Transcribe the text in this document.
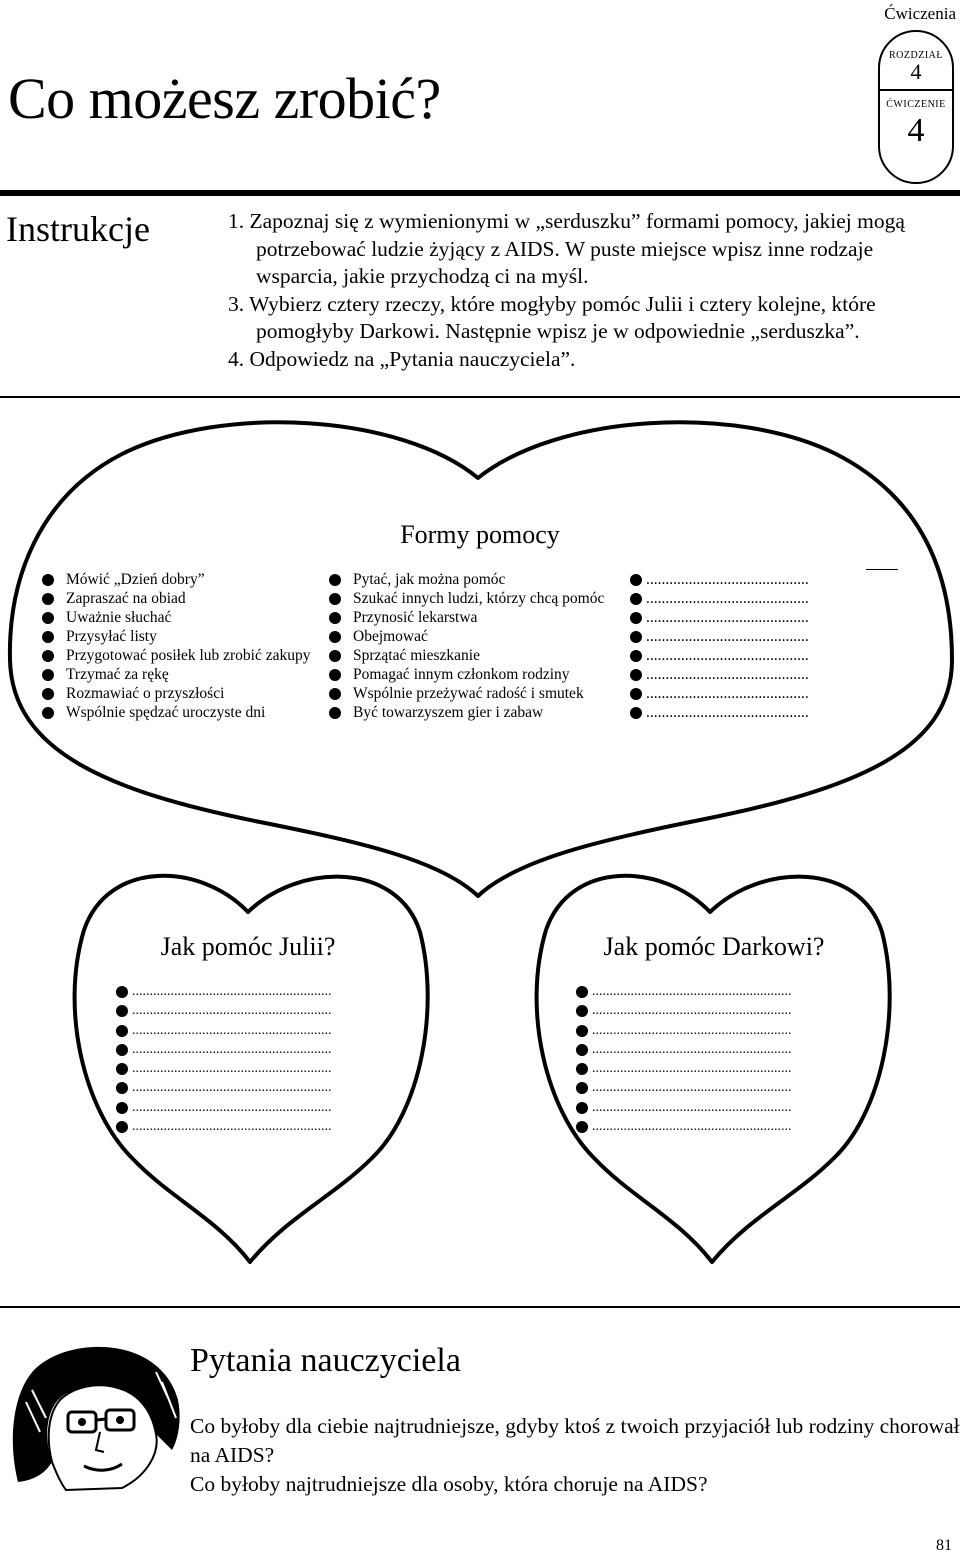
Ćwiczenia
Co możesz zrobić?
ROZDZIAŁ
4
ĆWICZENIE
4
Instrukcje	1. Zapoznaj się z wymienionymi w „serduszku” formami pomocy, jakiej mogą potrzebować ludzie żyjący z AIDS. W puste miejsce wpisz inne rodzaje wsparcia, jakie przychodzą ci na myśl.
3. Wybierz cztery rzeczy, które mogłyby pomóc Julii i cztery kolejne, które pomogłyby Darkowi. Następnie wpisz je w odpowiednie „serduszka”.
4. Odpowiedz na „Pytania nauczyciela”.
Formy pomocy
Mówić „Dzień dobry”
Zapraszać na obiad
Uważnie słuchać
Przysyłać listy
Przygotować posiłek lub zrobić zakupy
Trzymać za rękę
Rozmawiać o przyszłości
Wspólnie spędzać uroczyste dni
Pytać, jak można pomóc
Szukać innych ludzi, którzy chcą pomóc
Przynosić lekarstwa
Obejmować
Sprzątać mieszkanie
Pomagać innym członkom rodziny
Wspólnie przeżywać radość i smutek
Być towarzyszem gier i zabaw
..........................................
..........................................
..........................................
..........................................
..........................................
..........................................
..........................................
..........................................
Jak pomóc Julii?
.........................................................
.........................................................
.........................................................
.........................................................
.........................................................
.........................................................
.........................................................
.........................................................
Jak pomóc Darkowi?
.........................................................
.........................................................
.........................................................
.........................................................
.........................................................
.........................................................
.........................................................
.........................................................
Pytania nauczyciela
Co byłoby dla ciebie najtrudniejsze, gdyby ktoś z twoich przyjaciół lub rodziny chorował na AIDS?
Co byłoby najtrudniejsze dla osoby, która choruje na AIDS?
81
